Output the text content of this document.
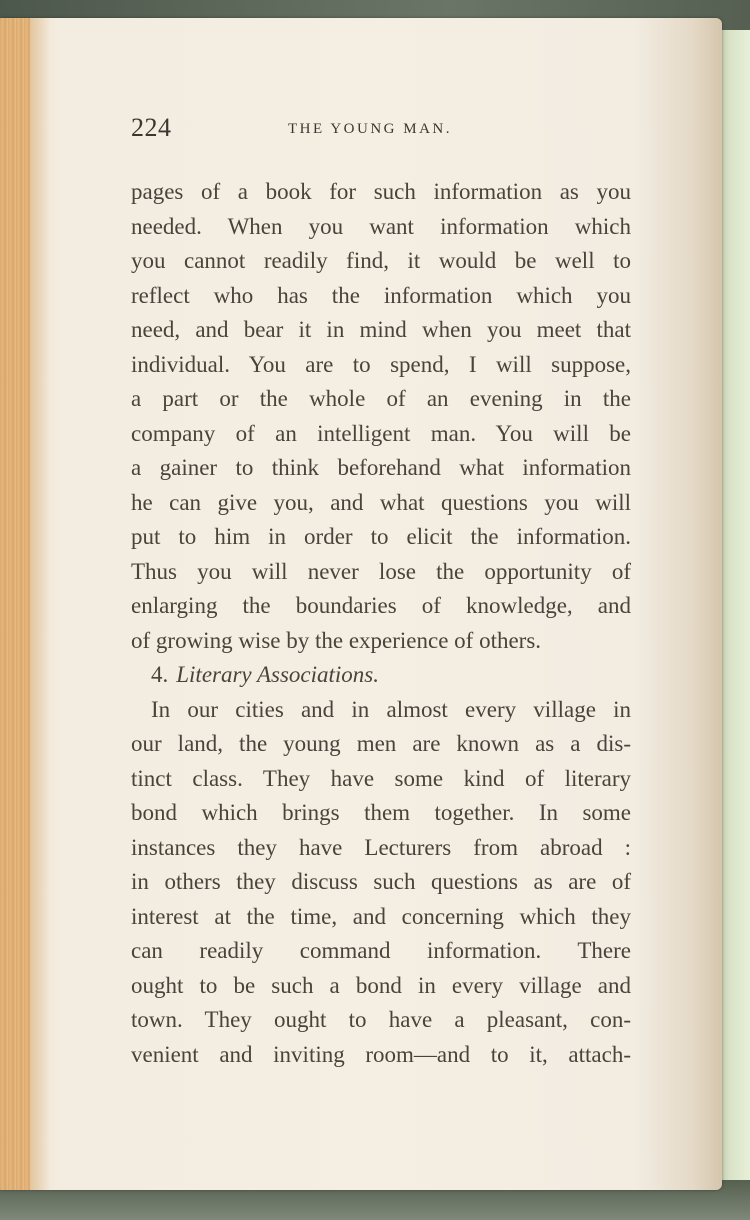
224	THE YOUNG MAN.
pages of a book for such information as you
needed. When you want information which
you cannot readily find, it would be well to
reflect who has the information which you
need, and bear it in mind when you meet that
individual. You are to spend, I will suppose,
a part or the whole of an evening in the
company of an intelligent man. You will be
a gainer to think beforehand what information
he can give you, and what questions you will
put to him in order to elicit the information.
Thus you will never lose the opportunity of
enlarging the boundaries of knowledge, and
of growing wise by the experience of others.
4. Literary Associations.
In our cities and in almost every village in
our land, the young men are known as a dis-
tinct class. They have some kind of literary
bond which brings them together. In some
instances they have Lecturers from abroad :
in others they discuss such questions as are of
interest at the time, and concerning which they
can readily command information. There
ought to be such a bond in every village and
town. They ought to have a pleasant, con-
venient and inviting room—and to it, attach-
